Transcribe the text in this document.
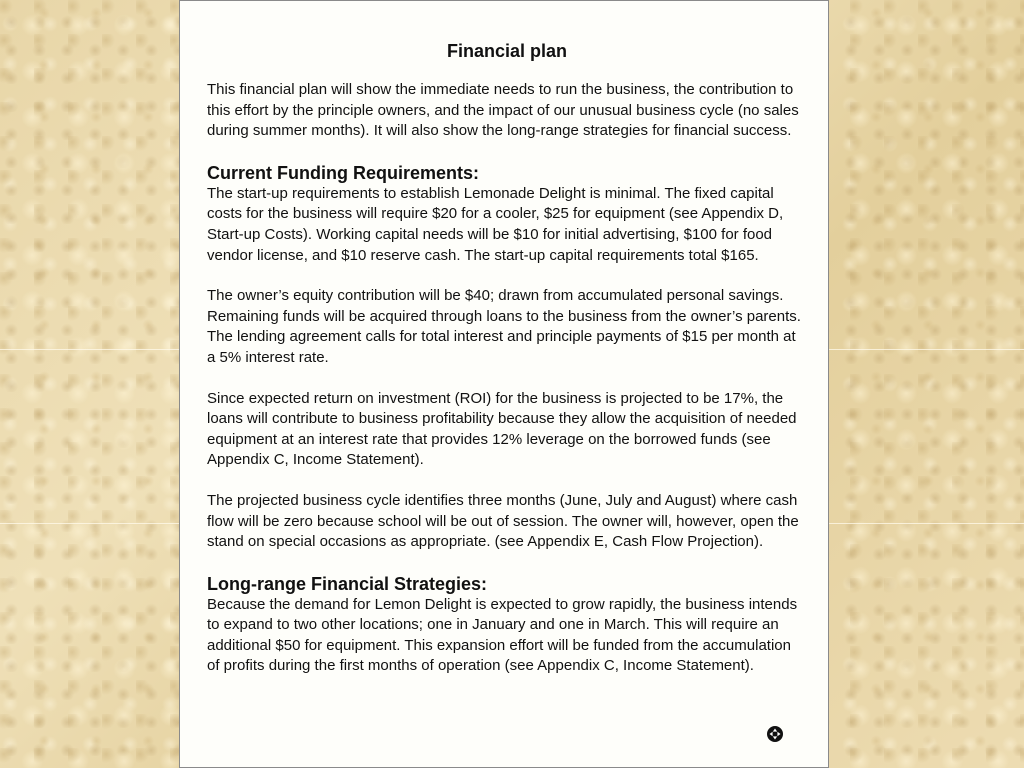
Financial plan

This financial plan will show the immediate needs to run the business, the contribution to this effort by the principle owners, and the impact of our unusual business cycle (no sales during summer months). It will also show the long-range strategies for financial success.

Current Funding Requirements:

The start-up requirements to establish Lemonade Delight is minimal. The fixed capital costs for the business will require $20 for a cooler, $25 for equipment (see Appendix D, Start-up Costs). Working capital needs will be $10 for initial advertising, $100 for food vendor license, and $10 reserve cash. The start-up capital requirements total $165.

The owner’s equity contribution will be $40; drawn from accumulated personal savings. Remaining funds will be acquired through loans to the business from the owner’s parents. The lending agreement calls for total interest and principle payments of $15 per month at a 5% interest rate.

Since expected return on investment (ROI) for the business is projected to be 17%, the loans will contribute to business profitability because they allow the acquisition of needed equipment at an interest rate that provides 12% leverage on the borrowed funds (see Appendix C, Income Statement).

The projected business cycle identifies three months (June, July and August) where cash flow will be zero because school will be out of session. The owner will, however, open the stand on special occasions as appropriate. (see Appendix E, Cash Flow Projection).

Long-range Financial Strategies:

Because the demand for Lemon Delight is expected to grow rapidly, the business intends to expand to two other locations; one in January and one in March. This will require an additional $50 for equipment. This expansion effort will be funded from the accumulation of profits during the first months of operation (see Appendix C, Income Statement).
